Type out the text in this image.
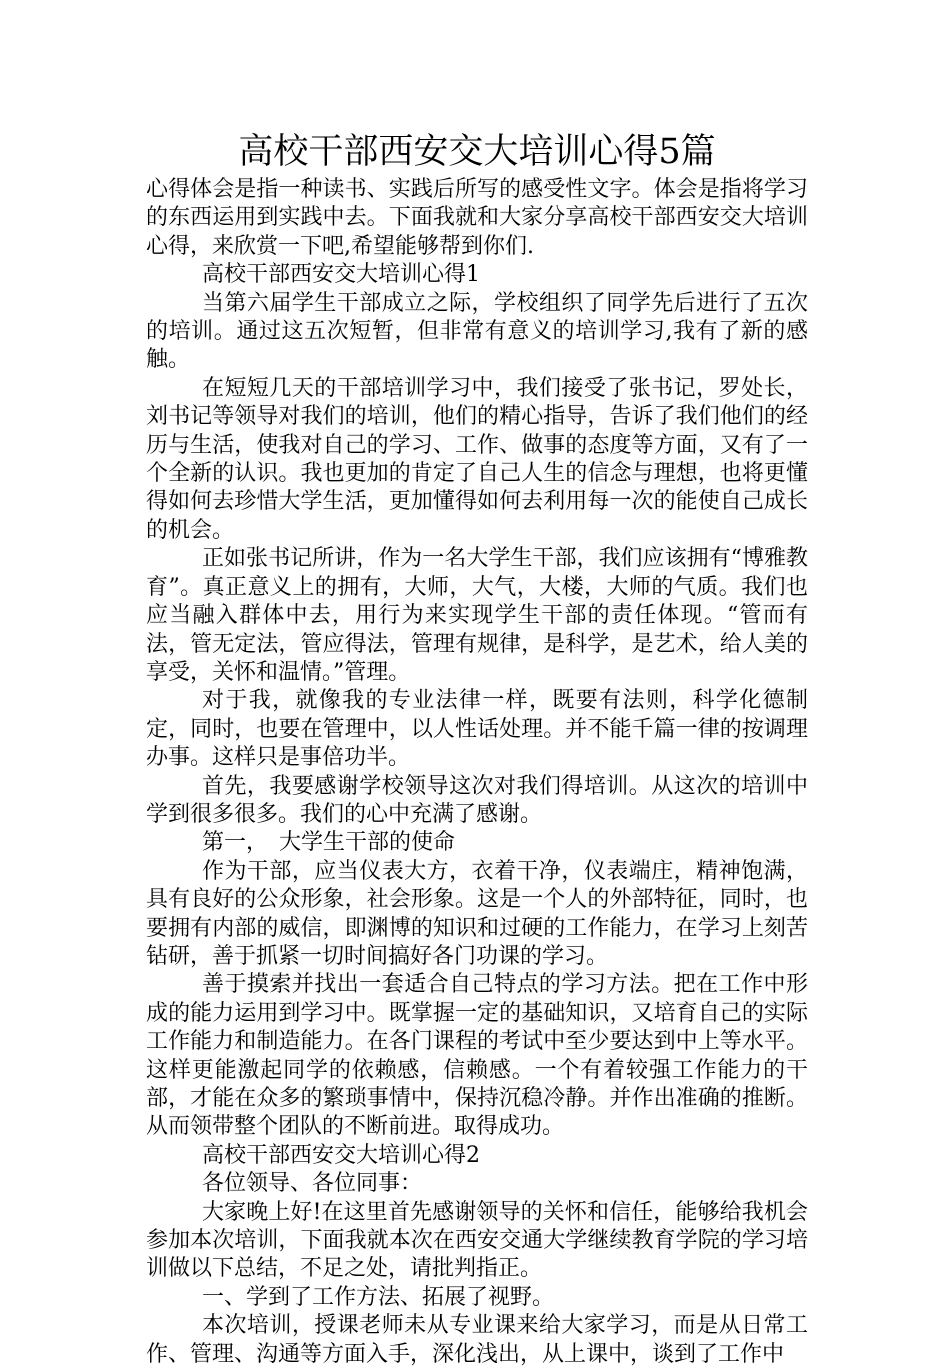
高校干部西安交大培训心得5篇

心得体会是指一种读书、实践后所写的感受性文字。体会是指将学习的东西运用到实践中去。下面我就和大家分享高校干部西安交大培训心得，来欣赏一下吧,希望能够帮到你们.

高校干部西安交大培训心得1

当第六届学生干部成立之际，学校组织了同学先后进行了五次的培训。通过这五次短暂，但非常有意义的培训学习,我有了新的感触。

在短短几天的干部培训学习中，我们接受了张书记，罗处长，刘书记等领导对我们的培训，他们的精心指导，告诉了我们他们的经历与生活，使我对自己的学习、工作、做事的态度等方面，又有了一个全新的认识。我也更加的肯定了自己人生的信念与理想，也将更懂得如何去珍惜大学生活，更加懂得如何去利用每一次的能使自己成长的机会。

正如张书记所讲，作为一名大学生干部，我们应该拥有“博雅教育”。真正意义上的拥有，大师，大气，大楼，大师的气质。我们也应当融入群体中去，用行为来实现学生干部的责任体现。“管而有法，管无定法，管应得法，管理有规律，是科学，是艺术，给人美的享受，关怀和温情。”管理。

对于我，就像我的专业法律一样，既要有法则，科学化德制定，同时，也要在管理中，以人性话处理。并不能千篇一律的按调理办事。这样只是事倍功半。

首先，我要感谢学校领导这次对我们得培训。从这次的培训中学到很多很多。我们的心中充满了感谢。

第一，　大学生干部的使命

作为干部，应当仪表大方，衣着干净，仪表端庄，精神饱满，具有良好的公众形象，社会形象。这是一个人的外部特征，同时，也要拥有内部的威信，即渊博的知识和过硬的工作能力，在学习上刻苦钻研，善于抓紧一切时间搞好各门功课的学习。

善于摸索并找出一套适合自己特点的学习方法。把在工作中形成的能力运用到学习中。既掌握一定的基础知识，又培育自己的实际工作能力和制造能力。在各门课程的考试中至少要达到中上等水平。这样更能激起同学的依赖感，信赖感。一个有着较强工作能力的干部，才能在众多的繁琐事情中，保持沉稳冷静。并作出准确的推断。从而领带整个团队的不断前进。取得成功。

高校干部西安交大培训心得2

各位领导、各位同事：

大家晚上好!在这里首先感谢领导的关怀和信任，能够给我机会参加本次培训，下面我就本次在西安交通大学继续教育学院的学习培训做以下总结，不足之处，请批判指正。

一、学到了工作方法、拓展了视野。

本次培训，授课老师未从专业课来给大家学习，而是从日常工作、管理、沟通等方面入手，深化浅出，从上课中，谈到了工作中
